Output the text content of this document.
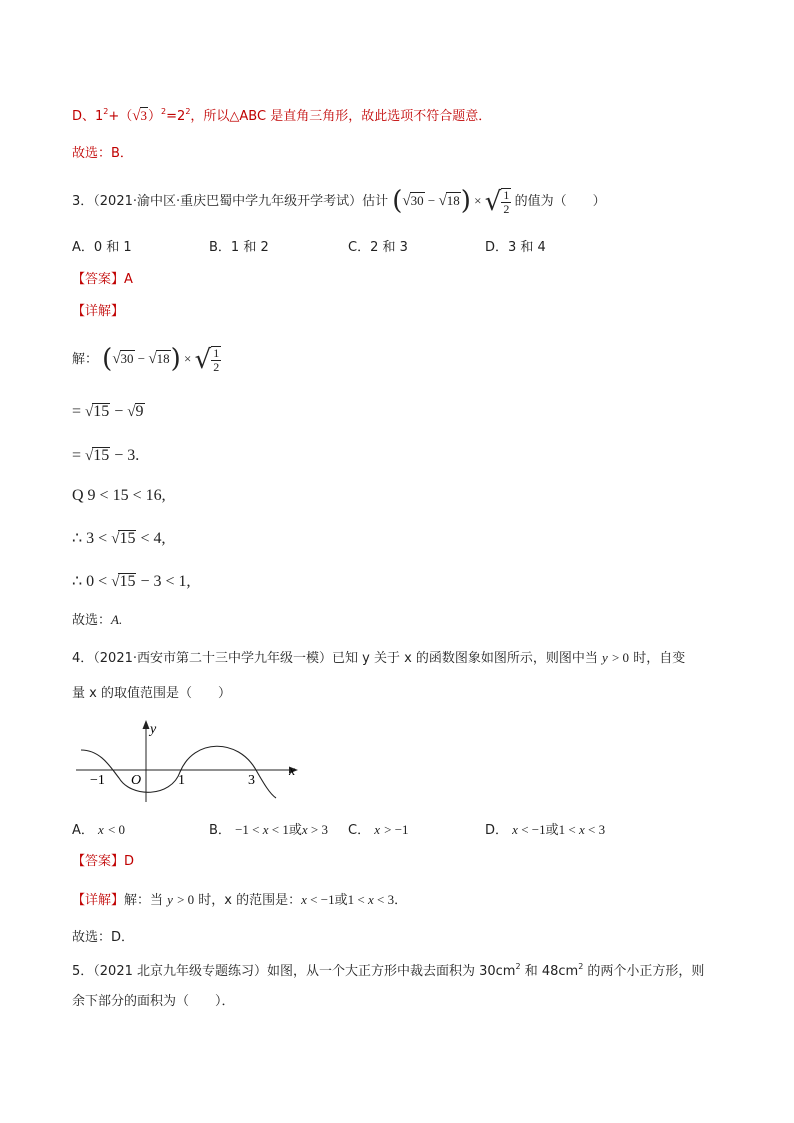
D、$1^2+(√3)^2=2^2$，所以△ABC 是直角三角形，故此选项不符合题意．
故选：B．
3．（2021·渝中区·重庆巴蜀中学九年级开学考试）估计 (√30 − √18) × √ $\frac{1}{2}$ 的值为（　　）
A．0 和 1	B．1 和 2	C．2 和 3	D．3 和 4
【答案】A
【详解】
解： (√30 − √18) × √ $\frac{1}{2}$
= √15 − √9
= √15 − 3.
Q 9 < 15 < 16,
∴ 3 < √15 < 4,
∴ 0 < √15 − 3 < 1,
故选：A.
4．（2021·西安市第二十三中学九年级一模）已知 y 关于 x 的函数图象如图所示，则图中当 y > 0 时，自变
量 x 的取值范围是（　　）
x
y
O
−1	1	3
A． x < 0	B． −1 < x < 1或x > 3 C． x > −1	D． x < −1或1 < x < 3
【答案】D
【详解】解：当 y > 0 时，x 的范围是：x < −1或1 < x < 3．
故选：D．
5．（2021 北京九年级专题练习）如图，从一个大正方形中裁去面积为 $30cm^2$ 和 $48cm^2$ 的两个小正方形，则
余下部分的面积为（　　）．
